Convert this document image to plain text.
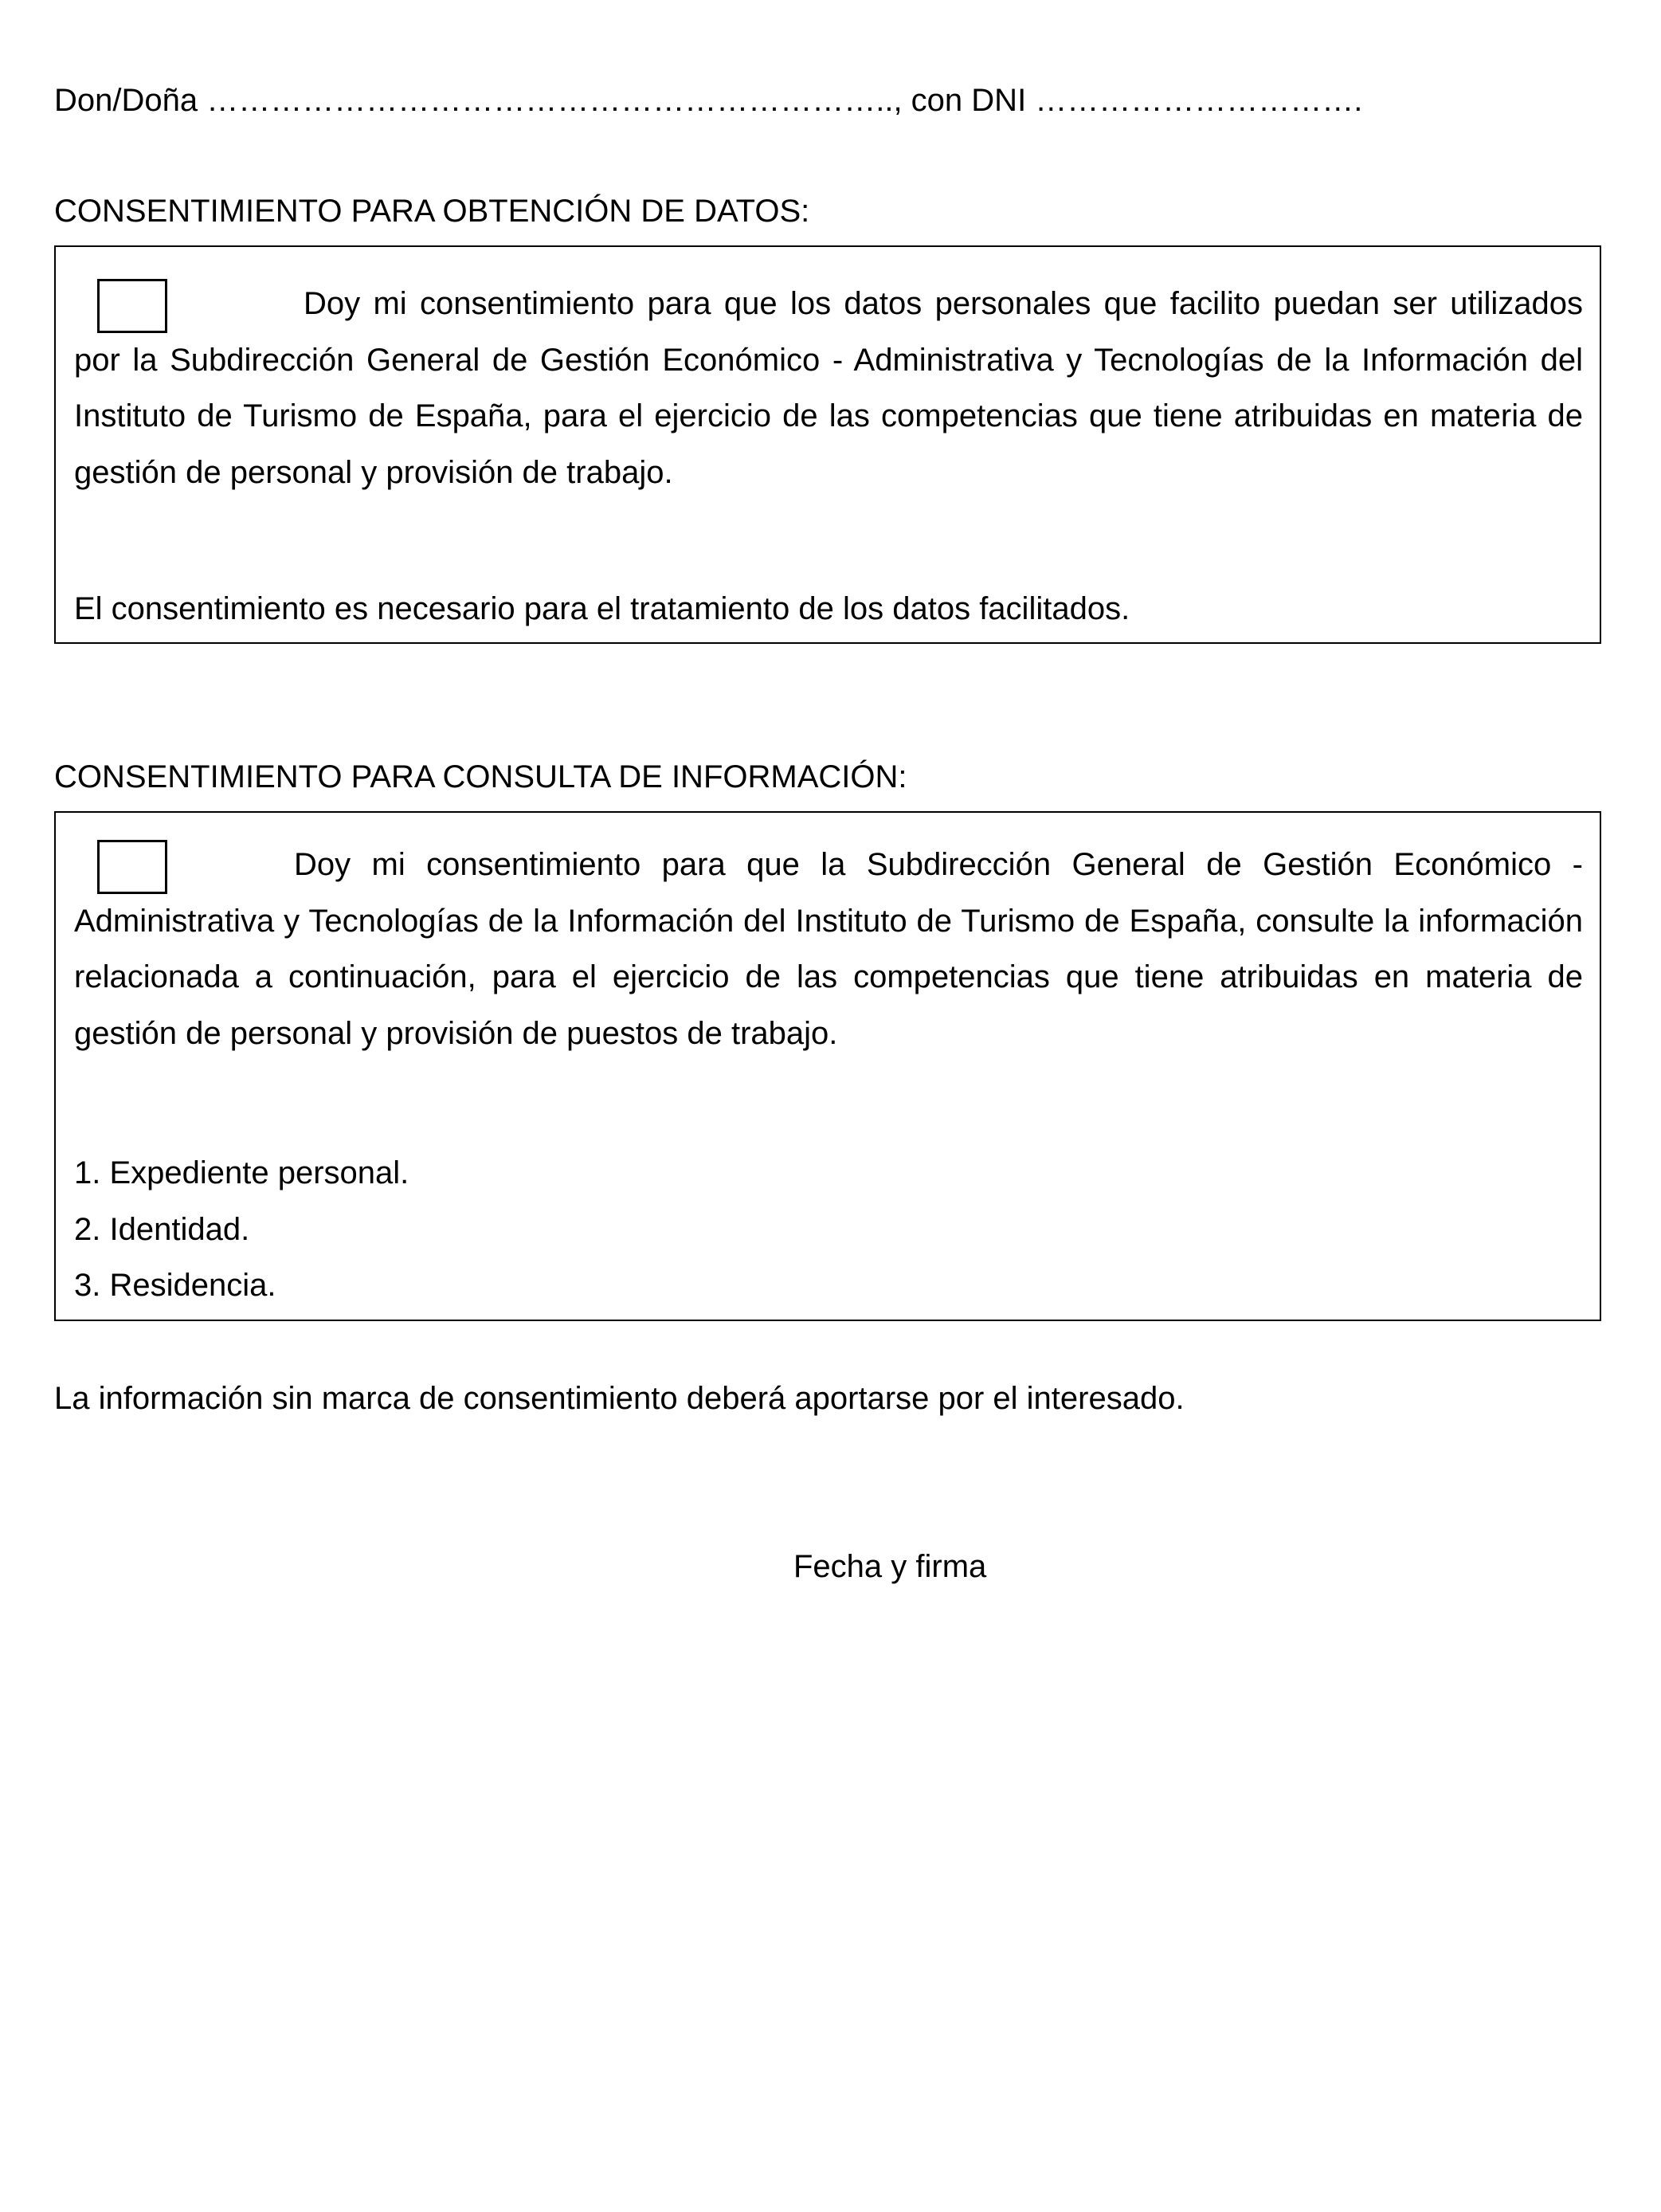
Don/Doña ……………………………………………………….., con DNI ………………………….
CONSENTIMIENTO PARA OBTENCIÓN DE DATOS:

Doy mi consentimiento para que los datos personales que facilito puedan ser utilizados por la Subdirección General de Gestión Económico - Administrativa y Tecnologías de la Información del Instituto de Turismo de España, para el ejercicio de las competencias que tiene atribuidas en materia de gestión de personal y provisión de trabajo.

El consentimiento es necesario para el tratamiento de los datos facilitados.
CONSENTIMIENTO PARA CONSULTA DE INFORMACIÓN:

Doy mi consentimiento para que la Subdirección General de Gestión Económico - Administrativa y Tecnologías de la Información del Instituto de Turismo de España, consulte la información relacionada a continuación, para el ejercicio de las competencias que tiene atribuidas en materia de gestión de personal y provisión de puestos de trabajo.

1. Expediente personal.
2. Identidad.
3. Residencia.
La información sin marca de consentimiento deberá aportarse por el interesado.
Fecha y firma
